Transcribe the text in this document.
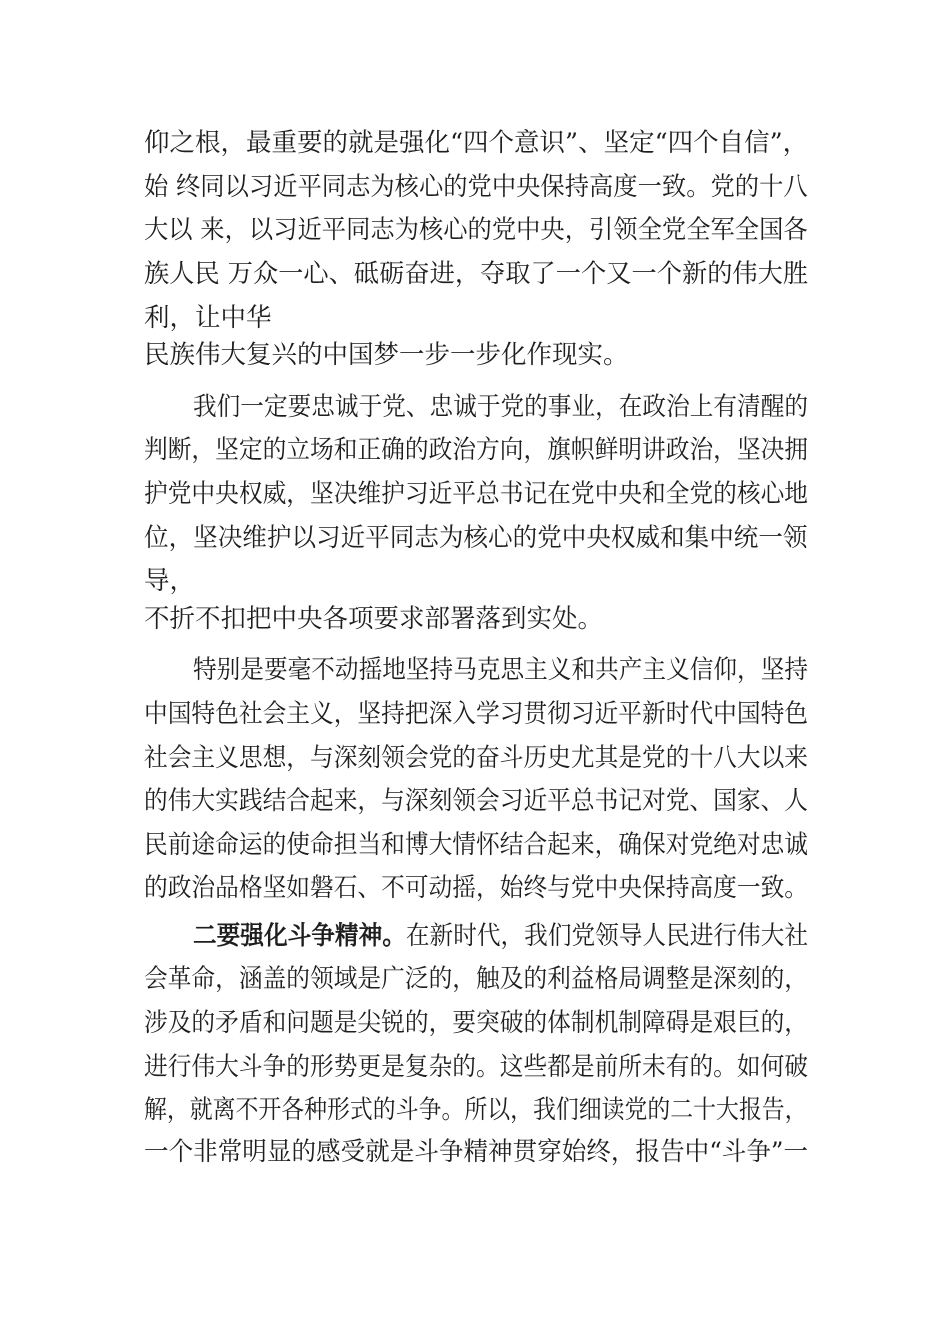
仰之根，最重要的就是强化“四个意识”、坚定“四个自信”，

始 终同以习近平同志为核心的党中央保持高度一致。党的十八

大以 来，以习近平同志为核心的党中央，引领全党全军全国各

族人民 万众一心、砥砺奋进，夺取了一个又一个新的伟大胜

利，让中华

民族伟大复兴的中国梦一步一步化作现实。

我们一定要忠诚于党、忠诚于党的事业，在政治上有清醒的

判断，坚定的立场和正确的政治方向，旗帜鲜明讲政治，坚决拥

护党中央权威，坚决维护习近平总书记在党中央和全党的核心地

位，坚决维护以习近平同志为核心的党中央权威和集中统一领

导，

不折不扣把中央各项要求部署落到实处。

特别是要毫不动摇地坚持马克思主义和共产主义信仰，坚持

中国特色社会主义，坚持把深入学习贯彻习近平新时代中国特色

社会主义思想，与深刻领会党的奋斗历史尤其是党的十八大以来

的伟大实践结合起来，与深刻领会习近平总书记对党、国家、人

民前途命运的使命担当和博大情怀结合起来，确保对党绝对忠诚

的政治品格坚如磐石、不可动摇，始终与党中央保持高度一致。

二要强化斗争精神。在新时代，我们党领导人民进行伟大社

会革命，涵盖的领域是广泛的，触及的利益格局调整是深刻的，

涉及的矛盾和问题是尖锐的，要突破的体制机制障碍是艰巨的，

进行伟大斗争的形势更是复杂的。这些都是前所未有的。如何破

解，就离不开各种形式的斗争。所以，我们细读党的二十大报告，

一个非常明显的感受就是斗争精神贯穿始终，报告中“斗争”一
